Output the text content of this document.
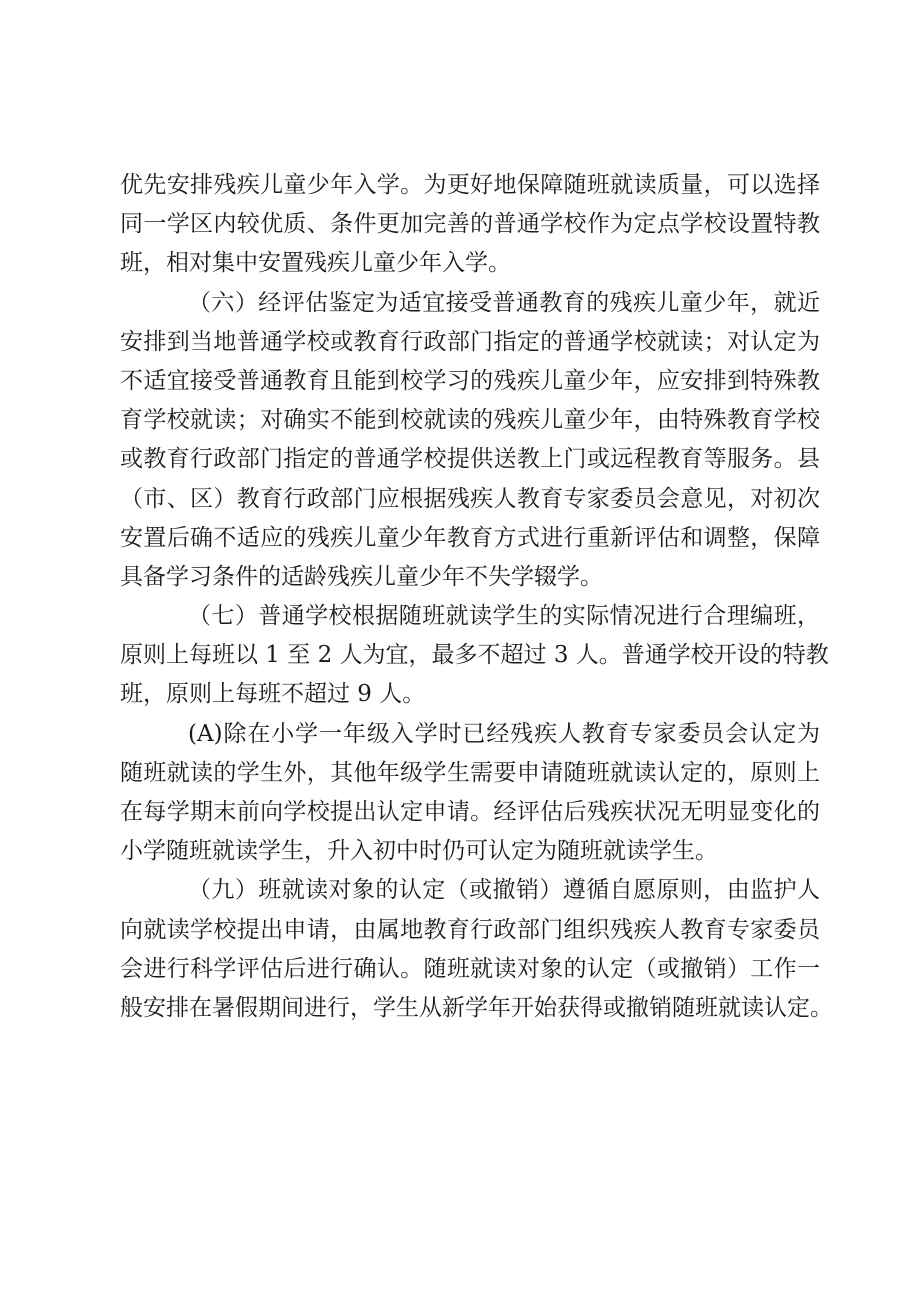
优先安排残疾儿童少年入学。为更好地保障随班就读质量，可以选择
同一学区内较优质、条件更加完善的普通学校作为定点学校设置特教
班，相对集中安置残疾儿童少年入学。
（六）经评估鉴定为适宜接受普通教育的残疾儿童少年，就近
安排到当地普通学校或教育行政部门指定的普通学校就读；对认定为
不适宜接受普通教育且能到校学习的残疾儿童少年，应安排到特殊教
育学校就读；对确实不能到校就读的残疾儿童少年，由特殊教育学校
或教育行政部门指定的普通学校提供送教上门或远程教育等服务。县
（市、区）教育行政部门应根据残疾人教育专家委员会意见，对初次
安置后确不适应的残疾儿童少年教育方式进行重新评估和调整，保障
具备学习条件的适龄残疾儿童少年不失学辍学。
（七）普通学校根据随班就读学生的实际情况进行合理编班，
原则上每班以 1 至 2 人为宜，最多不超过 3 人。普通学校开设的特教
班，原则上每班不超过 9 人。
(A)除在小学一年级入学时已经残疾人教育专家委员会认定为
随班就读的学生外，其他年级学生需要申请随班就读认定的，原则上
在每学期末前向学校提出认定申请。经评估后残疾状况无明显变化的
小学随班就读学生，升入初中时仍可认定为随班就读学生。
（九）班就读对象的认定（或撤销）遵循自愿原则，由监护人
向就读学校提出申请，由属地教育行政部门组织残疾人教育专家委员
会进行科学评估后进行确认。随班就读对象的认定（或撤销）工作一
般安排在暑假期间进行，学生从新学年开始获得或撤销随班就读认定。
